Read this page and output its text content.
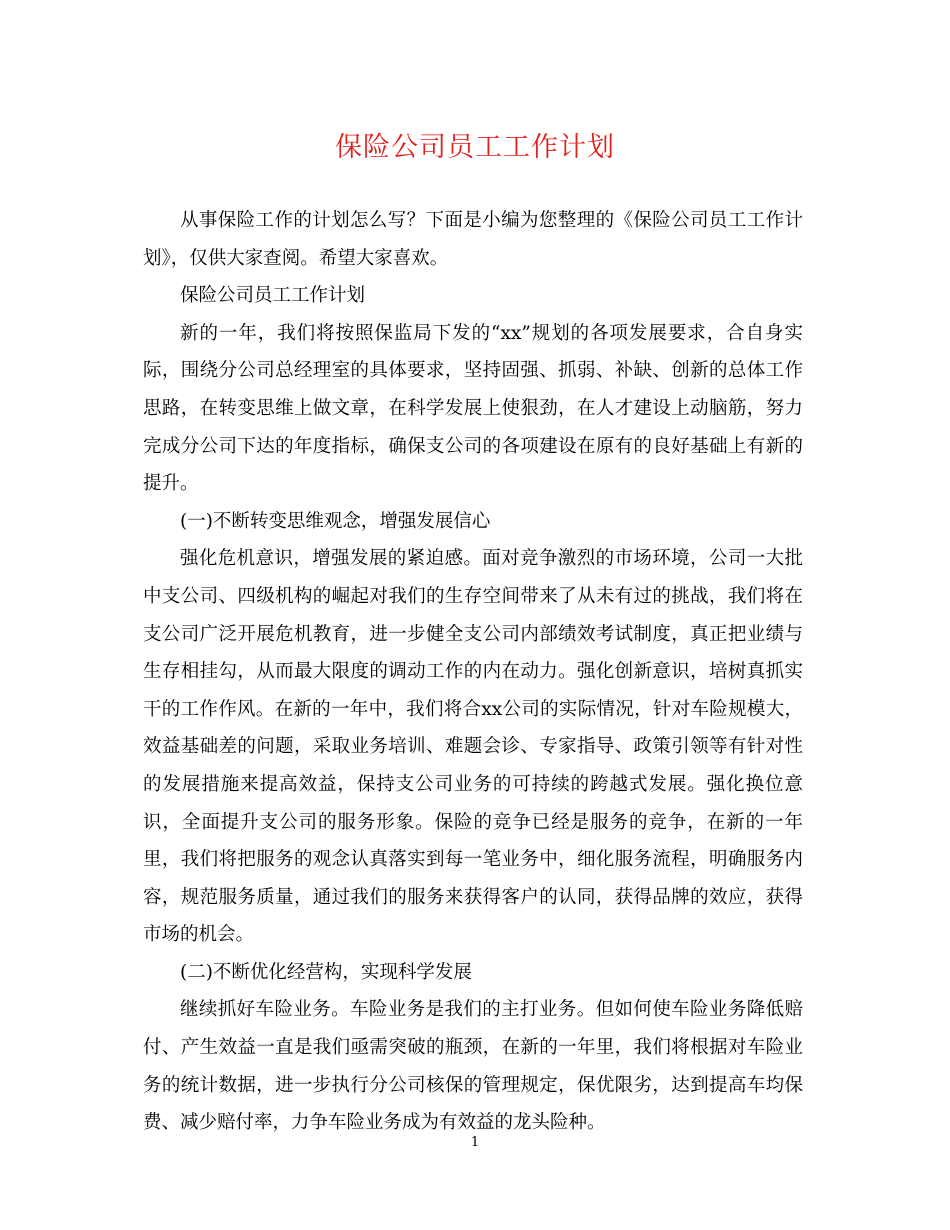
保险公司员工工作计划

从事保险工作的计划怎么写？下面是小编为您整理的《保险公司员工工作计划》，仅供大家查阅。希望大家喜欢。

保险公司员工工作计划

新的一年，我们将按照保监局下发的“xx”规划的各项发展要求，合自身实际，围绕分公司总经理室的具体要求，坚持固强、抓弱、补缺、创新的总体工作思路，在转变思维上做文章，在科学发展上使狠劲，在人才建设上动脑筋，努力完成分公司下达的年度指标，确保支公司的各项建设在原有的良好基础上有新的提升。

(一)不断转变思维观念，增强发展信心

强化危机意识，增强发展的紧迫感。面对竞争激烈的市场环境，公司一大批中支公司、四级机构的崛起对我们的生存空间带来了从未有过的挑战，我们将在支公司广泛开展危机教育，进一步健全支公司内部绩效考试制度，真正把业绩与生存相挂勾，从而最大限度的调动工作的内在动力。强化创新意识，培树真抓实干的工作作风。在新的一年中，我们将合xx公司的实际情况，针对车险规模大，效益基础差的问题，采取业务培训、难题会诊、专家指导、政策引领等有针对性的发展措施来提高效益，保持支公司业务的可持续的跨越式发展。强化换位意识，全面提升支公司的服务形象。保险的竞争已经是服务的竞争，在新的一年里，我们将把服务的观念认真落实到每一笔业务中，细化服务流程，明确服务内容，规范服务质量，通过我们的服务来获得客户的认同，获得品牌的效应，获得市场的机会。

(二)不断优化经营构，实现科学发展

继续抓好车险业务。车险业务是我们的主打业务。但如何使车险业务降低赔付、产生效益一直是我们亟需突破的瓶颈，在新的一年里，我们将根据对车险业务的统计数据，进一步执行分公司核保的管理规定，保优限劣，达到提高车均保费、减少赔付率，力争车险业务成为有效益的龙头险种。

1
